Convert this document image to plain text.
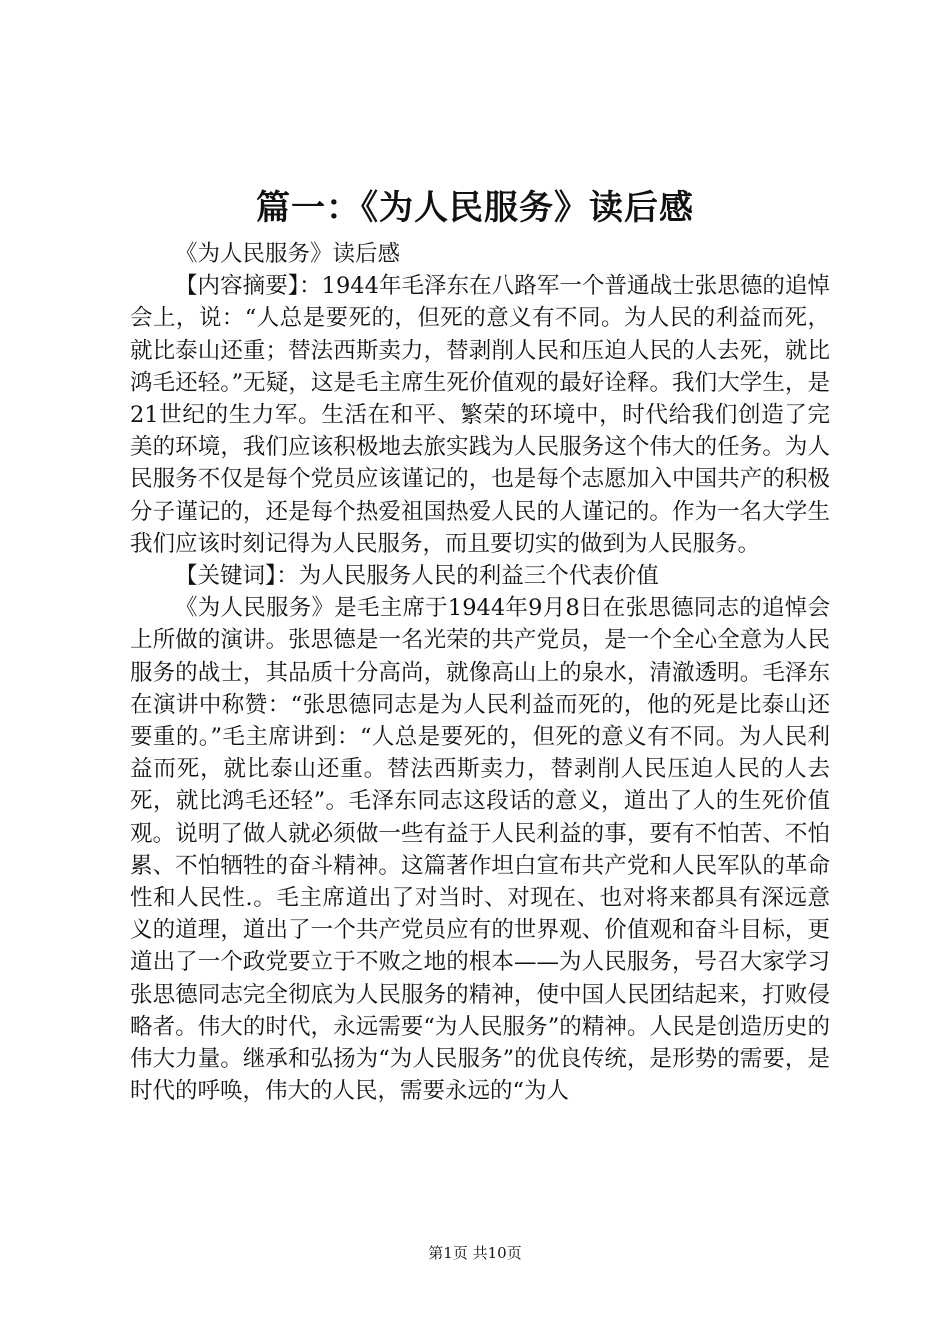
篇一：《为人民服务》读后感

《为人民服务》读后感

【内容摘要】：1944年毛泽东在八路军一个普通战士张思德的追悼会上，说：“人总是要死的，但死的意义有不同。为人民的利益而死，就比泰山还重；替法西斯卖力，替剥削人民和压迫人民的人去死，就比鸿毛还轻。”无疑，这是毛主席生死价值观的最好诠释。我们大学生，是21世纪的生力军。生活在和平、繁荣的环境中，时代给我们创造了完美的环境，我们应该积极地去旅实践为人民服务这个伟大的任务。为人民服务不仅是每个党员应该谨记的，也是每个志愿加入中国共产的积极分子谨记的，还是每个热爱祖国热爱人民的人谨记的。作为一名大学生我们应该时刻记得为人民服务，而且要切实的做到为人民服务。

【关键词】：为人民服务人民的利益三个代表价值

《为人民服务》是毛主席于1944年9月8日在张思德同志的追悼会上所做的演讲。张思德是一名光荣的共产党员，是一个全心全意为人民服务的战士，其品质十分高尚，就像高山上的泉水，清澈透明。毛泽东在演讲中称赞：“张思德同志是为人民利益而死的，他的死是比泰山还要重的。”毛主席讲到：“人总是要死的，但死的意义有不同。为人民利益而死，就比泰山还重。替法西斯卖力，替剥削人民压迫人民的人去死，就比鸿毛还轻”。毛泽东同志这段话的意义，道出了人的生死价值观。说明了做人就必须做一些有益于人民利益的事，要有不怕苦、不怕累、不怕牺牲的奋斗精神。这篇著作坦白宣布共产党和人民军队的革命性和人民性.。毛主席道出了对当时、对现在、也对将来都具有深远意义的道理，道出了一个共产党员应有的世界观、价值观和奋斗目标，更道出了一个政党要立于不败之地的根本——为人民服务，号召大家学习张思德同志完全彻底为人民服务的精神，使中国人民团结起来，打败侵略者。伟大的时代，永远需要“为人民服务”的精神。人民是创造历史的伟大力量。继承和弘扬为“为人民服务”的优良传统，是形势的需要，是时代的呼唤，伟大的人民，需要永远的“为人

第1页 共10页
